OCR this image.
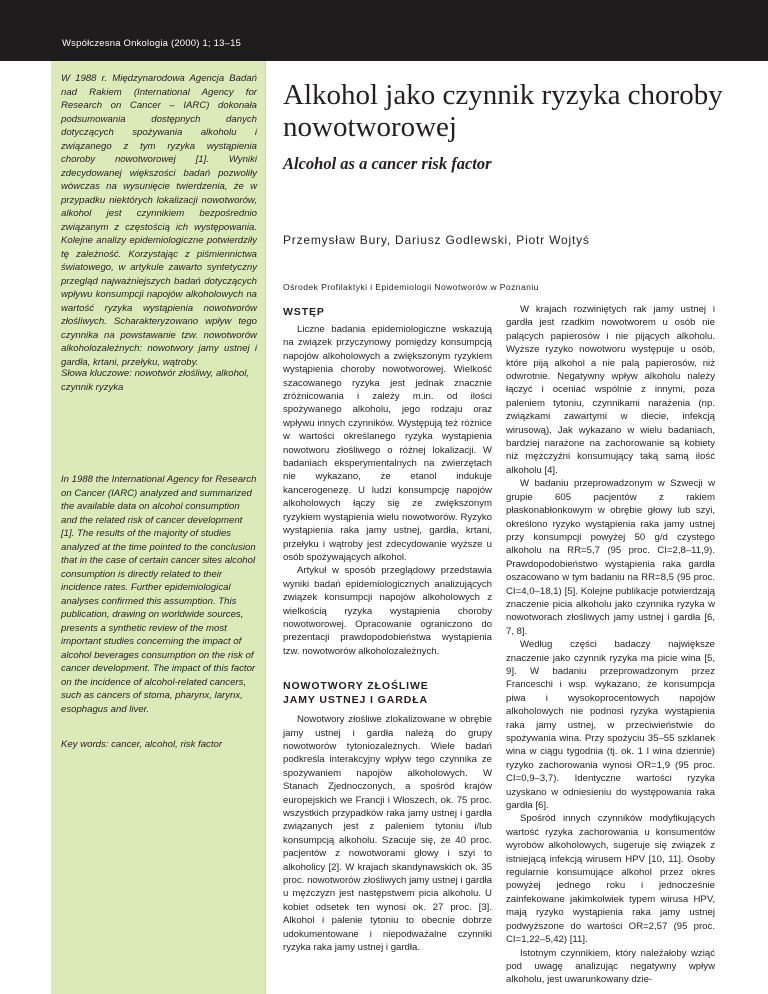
Współczesna Onkologia (2000) 1; 13–15

W 1988 r. Międzynarodowa Agencja Badań nad Rakiem (International Agency for Research on Cancer – IARC) dokonała podsumowania dostępnych danych dotyczących spożywania alkoholu i związanego z tym ryzyka wystąpienia choroby nowotworowej [1]. Wyniki zdecydowanej większości badań pozwoliły wówczas na wysunięcie twierdzenia, że w przypadku niektórych lokalizacji nowotworów, alkohol jest czynnikiem bezpośrednio związanym z częstością ich występowania. Kolejne analizy epidemiologiczne potwierdziły tę zależność. Korzystając z piśmiennictwa światowego, w artykule zawarto syntetyczny przegląd najważniejszych badań dotyczących wpływu konsumpcji napojów alkoholowych na wartość ryzyka wystąpienia nowotworów złośliwych. Scharakteryzowano wpływ tego czynnika na powstawanie tzw. nowotworów alkoholozależnych: nowotwory jamy ustnej i gardła, krtani, przełyku, wątroby.

Słowa kluczowe: nowotwór złośliwy, alkohol, czynnik ryzyka

In 1988 the International Agency for Research on Cancer (IARC) analyzed and summarized the available data on alcohol consumption and the related risk of cancer development [1]. The results of the majority of studies analyzed at the time pointed to the conclusion that in the case of certain cancer sites alcohol consumption is directly related to their incidence rates. Further epidemiological analyses confirmed this assumption. This publication, drawing on worldwide sources, presents a synthetic review of the most important studies concerning the impact of alcohol beverages consumption on the risk of cancer development. The impact of this factor on the incidence of alcohol-related cancers, such as cancers of stoma, pharynx, larynx, esophagus and liver.

Key words: cancer, alcohol, risk factor

Alkohol jako czynnik ryzyka choroby nowotworowej
Alcohol as a cancer risk factor

Przemysław Bury, Dariusz Godlewski, Piotr Wojtyś

Ośrodek Profilaktyki i Epidemiologii Nowotworów w Poznaniu

WSTĘP

Liczne badania epidemiologiczne wskazują na związek przyczynowy pomiędzy konsumpcją napojów alkoholowych a zwiększonym ryzykiem wystąpienia choroby nowotworowej. Wielkość szacowanego ryzyka jest jednak znacznie zróżnicowania i zależy m.in. od ilości spożywanego alkoholu, jego rodzaju oraz wpływu innych czynników. Występują też różnice w wartości określanego ryzyka wystąpienia nowotworu złośliwego o różnej lokalizacji. W badaniach eksperymentalnych na zwierzętach nie wykazano, że etanol indukuje kancerogenezę. U ludzi konsumpcję napojów alkoholowych łączy się ze zwiększonym ryzykiem wystąpienia wielu nowotworów. Ryzyko wystąpienia raka jamy ustnej, gardła, krtani, przełyku i wątroby jest zdecydowanie wyższe u osób spożywających alkohol.

Artykuł w sposób przeglądowy przedstawia wyniki badań epidemiologicznych analizujących związek konsumpcji napojów alkoholowych z wielkością ryzyka wystąpienia choroby nowotworowej. Opracowanie ograniczono do prezentacji prawdopodobieństwa wystąpienia tzw. nowotworów alkoholozależnych.

NOWOTWORY ZŁOŚLIWE
JAMY USTNEJ I GARDŁA

Nowotwory złośliwe zlokalizowane w obrębie jamy ustnej i gardła należą do grupy nowotworów tytoniozależnych. Wiele badań podkreśla interakcyjny wpływ tego czynnika ze spożywaniem napojów alkoholowych. W Stanach Zjednoczonych, a spośród krajów europejskich we Francji i Włoszech, ok. 75 proc. wszystkich przypadków raka jamy ustnej i gardła związanych jest z paleniem tytoniu i/lub konsumpcją alkoholu. Szacuje się, że 40 proc. pacjentów z nowotworami głowy i szyi to alkoholicy [2]. W krajach skandynawskich ok. 35 proc. nowotworów złośliwych jamy ustnej i gardła u mężczyzn jest następstwem picia alkoholu. U kobiet odsetek ten wynosi ok. 27 proc. [3]. Alkohol i palenie tytoniu to obecnie dobrze udokumentowane i niepodważalne czynniki ryzyka raka jamy ustnej i gardła.

W krajach rozwiniętych rak jamy ustnej i gardła jest rzadkim nowotworem u osób nie palących papierosów i nie pijących alkoholu. Wyższe ryzyko nowotworu występuje u osób, które piją alkohol a nie palą papierosów, niż odwrotnie. Negatywny wpływ alkoholu należy łączyć i oceniać wspólnie z innymi, poza paleniem tytoniu, czynnikami narażenia (np. związkami zawartymi w diecie, infekcją wirusową). Jak wykazano w wielu badaniach, bardziej narażone na zachorowanie są kobiety niż mężczyźni konsumujący taką samą ilość alkoholu [4].

W badaniu przeprowadzonym w Szwecji w grupie 605 pacjentów z rakiem płaskonabłonkowym w obrębie głowy lub szyi, określono ryzyko wystąpienia raka jamy ustnej przy konsumpcji powyżej 50 g/d czystego alkoholu na RR=5,7 (95 proc. CI=2,8–11,9). Prawdopodobieństwo wystąpienia raka gardła oszacowano w tym badaniu na RR=8,5 (95 proc. CI=4,0–18,1) [5]. Kolejne publikacje potwierdzają znaczenie picia alkoholu jako czynnika ryzyka w nowotworach złośliwych jamy ustnej i gardła [6, 7, 8].

Według części badaczy największe znaczenie jako czynnik ryzyka ma picie wina [5, 9]. W badaniu przeprowadzonym przez Franceschi i wsp. wykazano, że konsumpcja piwa i wysokoprocentowych napojów alkoholowych nie podnosi ryzyka wystąpienia raka jamy ustnej, w przeciwieństwie do spożywania wina. Przy spożyciu 35–55 szklanek wina w ciągu tygodnia (tj. ok. 1 l wina dziennie) ryzyko zachorowania wynosi OR=1,9 (95 proc. CI=0,9–3,7). Identyczne wartości ryzyka uzyskano w odniesieniu do występowania raka gardła [6].

Spośród innych czynników modyfikujących wartość ryzyka zachorowania u konsumentów wyrobów alkoholowych, sugeruje się związek z istniejącą infekcją wirusem HPV [10, 11]. Osoby regularnie konsumujące alkohol przez okres powyżej jednego roku i jednocześnie zainfekowane jakimkolwiek typem wirusa HPV, mają ryzyko wystąpienia raka jamy ustnej podwyższone do wartości OR=2,57 (95 proc. CI=1,22–5,42) [11].

Istotnym czynnikiem, który należałoby wziąć pod uwagę analizując negatywny wpływ alkoholu, jest uwarunkowany dzie-
